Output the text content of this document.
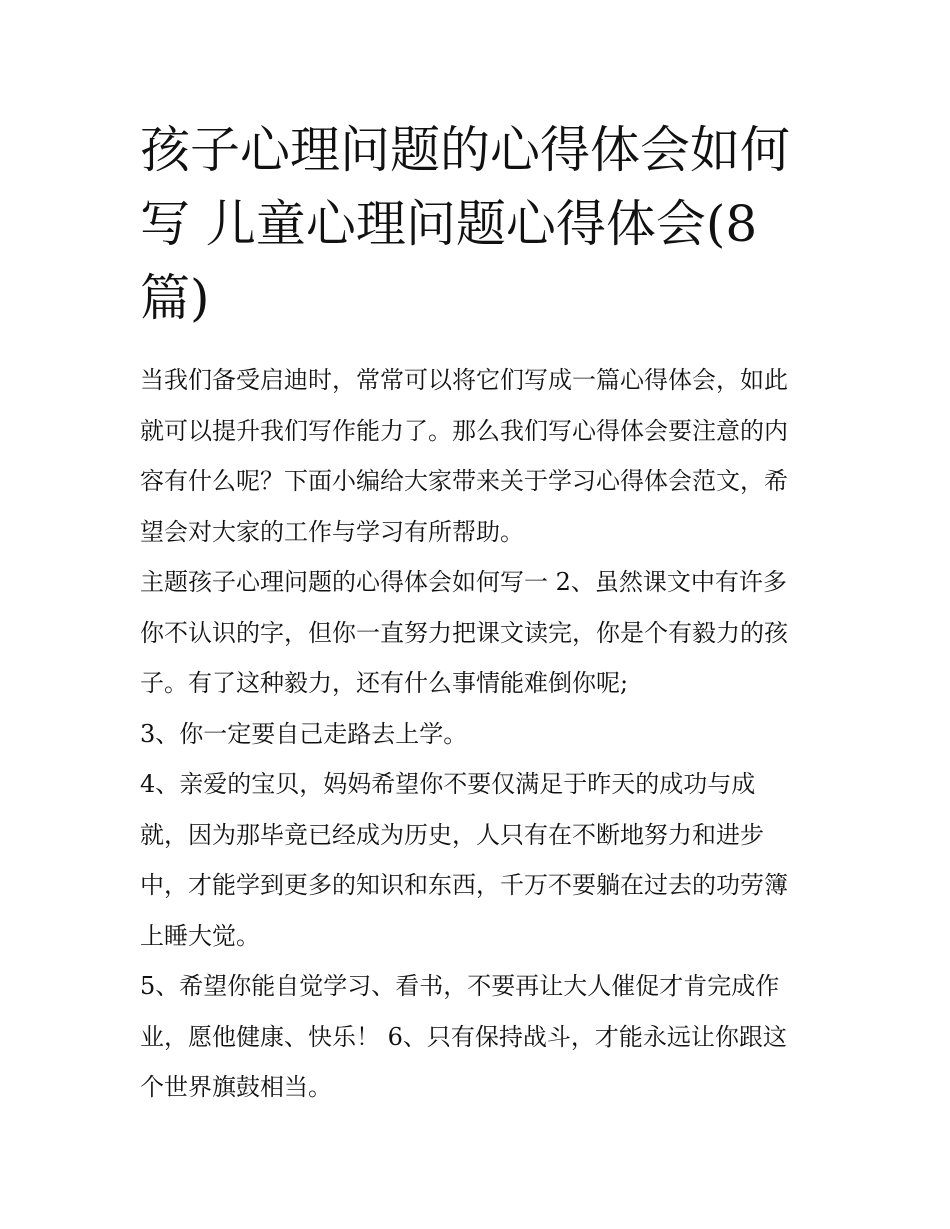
孩子心理问题的心得体会如何
写 儿童心理问题心得体会(8
篇)

当我们备受启迪时，常常可以将它们写成一篇心得体会，如此
就可以提升我们写作能力了。那么我们写心得体会要注意的内
容有什么呢？下面小编给大家带来关于学习心得体会范文，希
望会对大家的工作与学习有所帮助。

主题孩子心理问题的心得体会如何写一 2、虽然课文中有许多
你不认识的字，但你一直努力把课文读完，你是个有毅力的孩
子。有了这种毅力，还有什么事情能难倒你呢;

3、你一定要自己走路去上学。

4、亲爱的宝贝，妈妈希望你不要仅满足于昨天的成功与成
就，因为那毕竟已经成为历史，人只有在不断地努力和进步
中，才能学到更多的知识和东西，千万不要躺在过去的功劳簿
上睡大觉。

5、希望你能自觉学习、看书，不要再让大人催促才肯完成作
业，愿他健康、快乐！ 6、只有保持战斗，才能永远让你跟这
个世界旗鼓相当。
